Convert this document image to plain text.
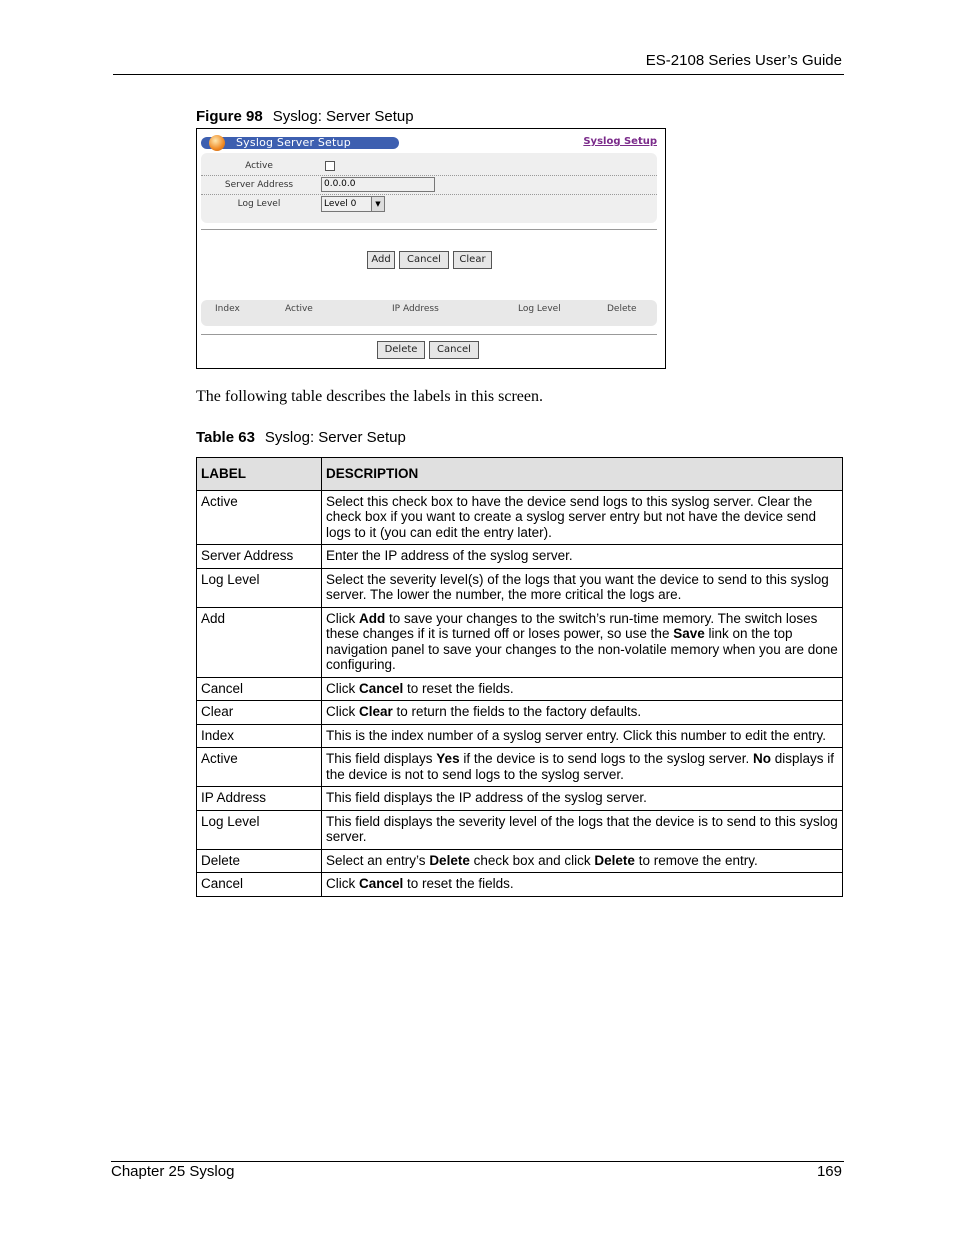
ES-2108 Series User’s Guide
Figure 98 Syslog: Server Setup
Syslog Server Setup	Syslog Setup
Active
Server Address	0.0.0.0
Log Level	Level 0	▼
Add	Cancel	Clear
Index	Active	IP Address	Log Level	Delete
Delete	Cancel
The following table describes the labels in this screen.
Table 63 Syslog: Server Setup
LABEL	DESCRIPTION
Active	Select this check box to have the device send logs to this syslog server. Clear the check box if you want to create a syslog server entry but not have the device send logs to it (you can edit the entry later).
Server Address	Enter the IP address of the syslog server.
Log Level	Select the severity level(s) of the logs that you want the device to send to this syslog server. The lower the number, the more critical the logs are.
Add	Click Add to save your changes to the switch’s run-time memory. The switch loses these changes if it is turned off or loses power, so use the Save link on the top navigation panel to save your changes to the non-volatile memory when you are done configuring.
Cancel	Click Cancel to reset the fields.
Clear	Click Clear to return the fields to the factory defaults.
Index	This is the index number of a syslog server entry. Click this number to edit the entry.
Active	This field displays Yes if the device is to send logs to the syslog server. No displays if the device is not to send logs to the syslog server.
IP Address	This field displays the IP address of the syslog server.
Log Level	This field displays the severity level of the logs that the device is to send to this syslog server.
Delete	Select an entry’s Delete check box and click Delete to remove the entry.
Cancel	Click Cancel to reset the fields.
Chapter 25 Syslog	169
